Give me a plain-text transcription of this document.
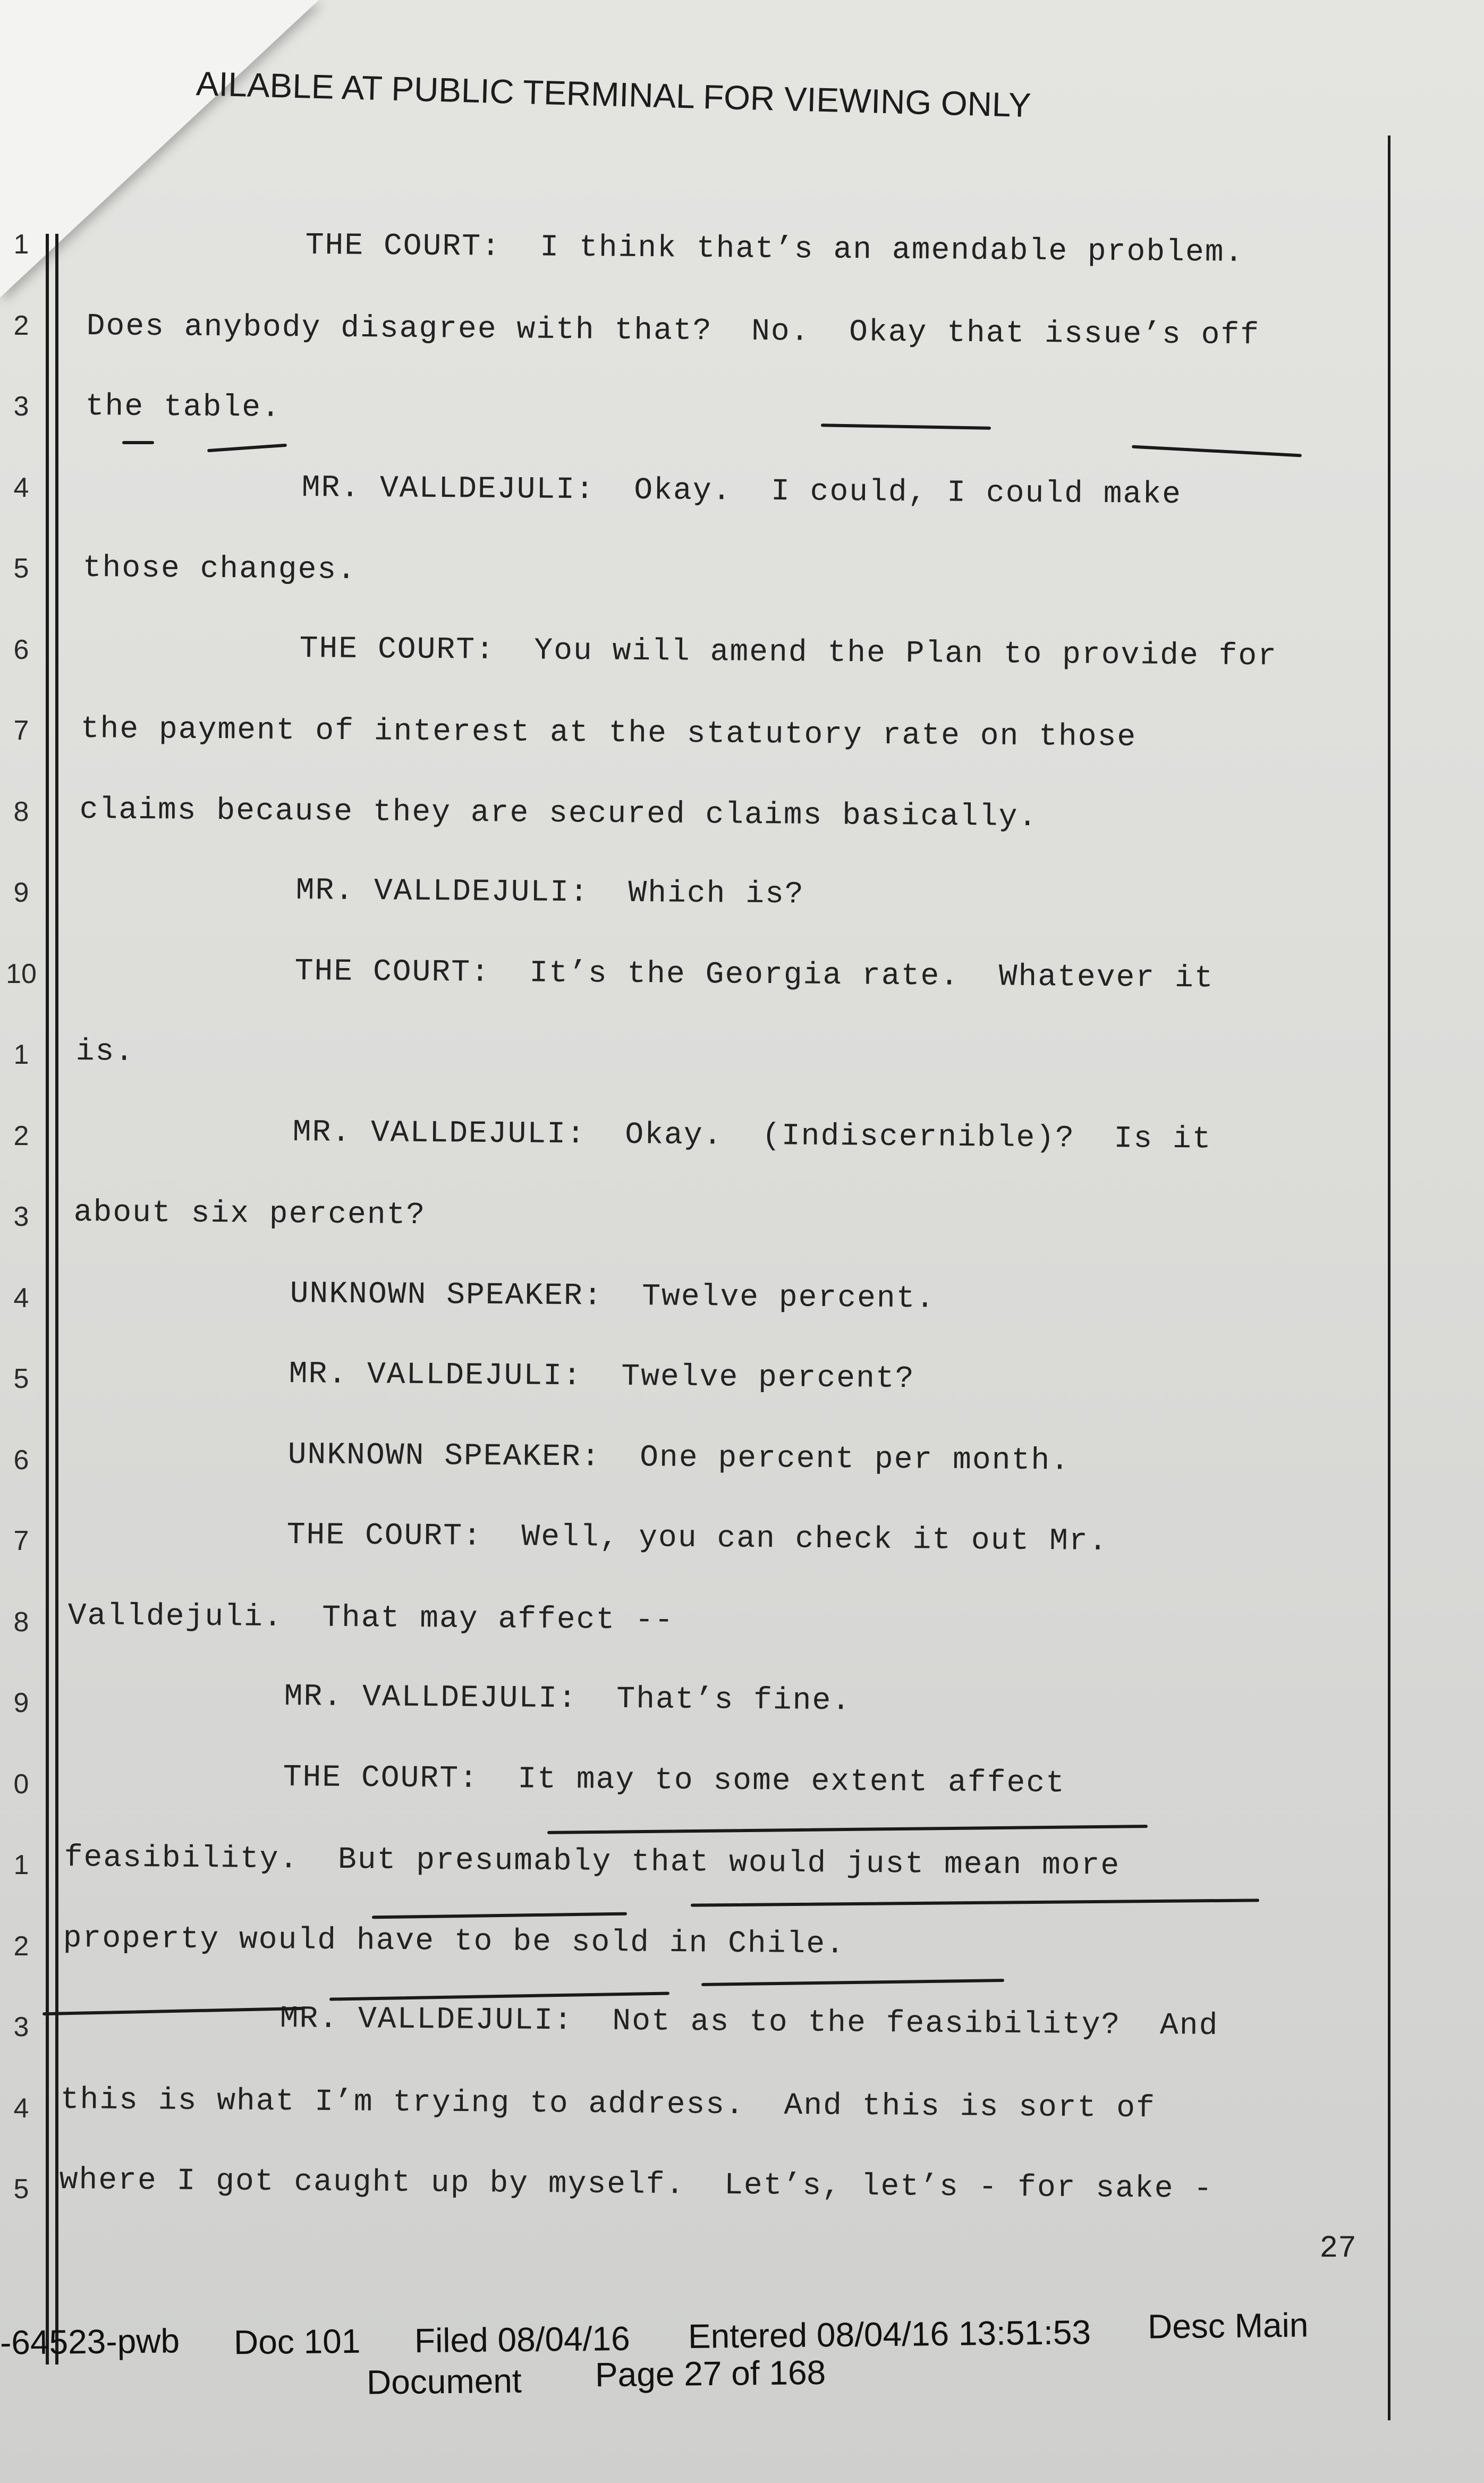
AILABLE AT PUBLIC TERMINAL FOR VIEWING ONLY
1	THE COURT:  I think that’s an amendable problem.
2 Does anybody disagree with that?  No.  Okay that issue’s off
3 the table.
4	MR. VALLDEJULI:  Okay.  I could, I could make
5 those changes.
6	THE COURT:  You will amend the Plan to provide for
7 the payment of interest at the statutory rate on those
8 claims because they are secured claims basically.
9	MR. VALLDEJULI:  Which is?
10	THE COURT:  It’s the Georgia rate.  Whatever it
1 is.
2	MR. VALLDEJULI:  Okay.  (Indiscernible)?  Is it
3 about six percent?
4	UNKNOWN SPEAKER:  Twelve percent.
5	MR. VALLDEJULI:  Twelve percent?
6	UNKNOWN SPEAKER:  One percent per month.
7	THE COURT:  Well, you can check it out Mr.
8 Valldejuli.  That may affect --
9	MR. VALLDEJULI:  That’s fine.
0	THE COURT:  It may to some extent affect
1 feasibility.  But presumably that would just mean more
2 property would have to be sold in Chile.
3	MR. VALLDEJULI:  Not as to the feasibility?  And
4 this is what I’m trying to address.  And this is sort of
5 where I got caught up by myself.  Let’s, let’s - for sake -
27
-64523-pwb Doc 101 Filed 08/04/16 Entered 08/04/16 13:51:53 Desc Main
Document Page 27 of 168
